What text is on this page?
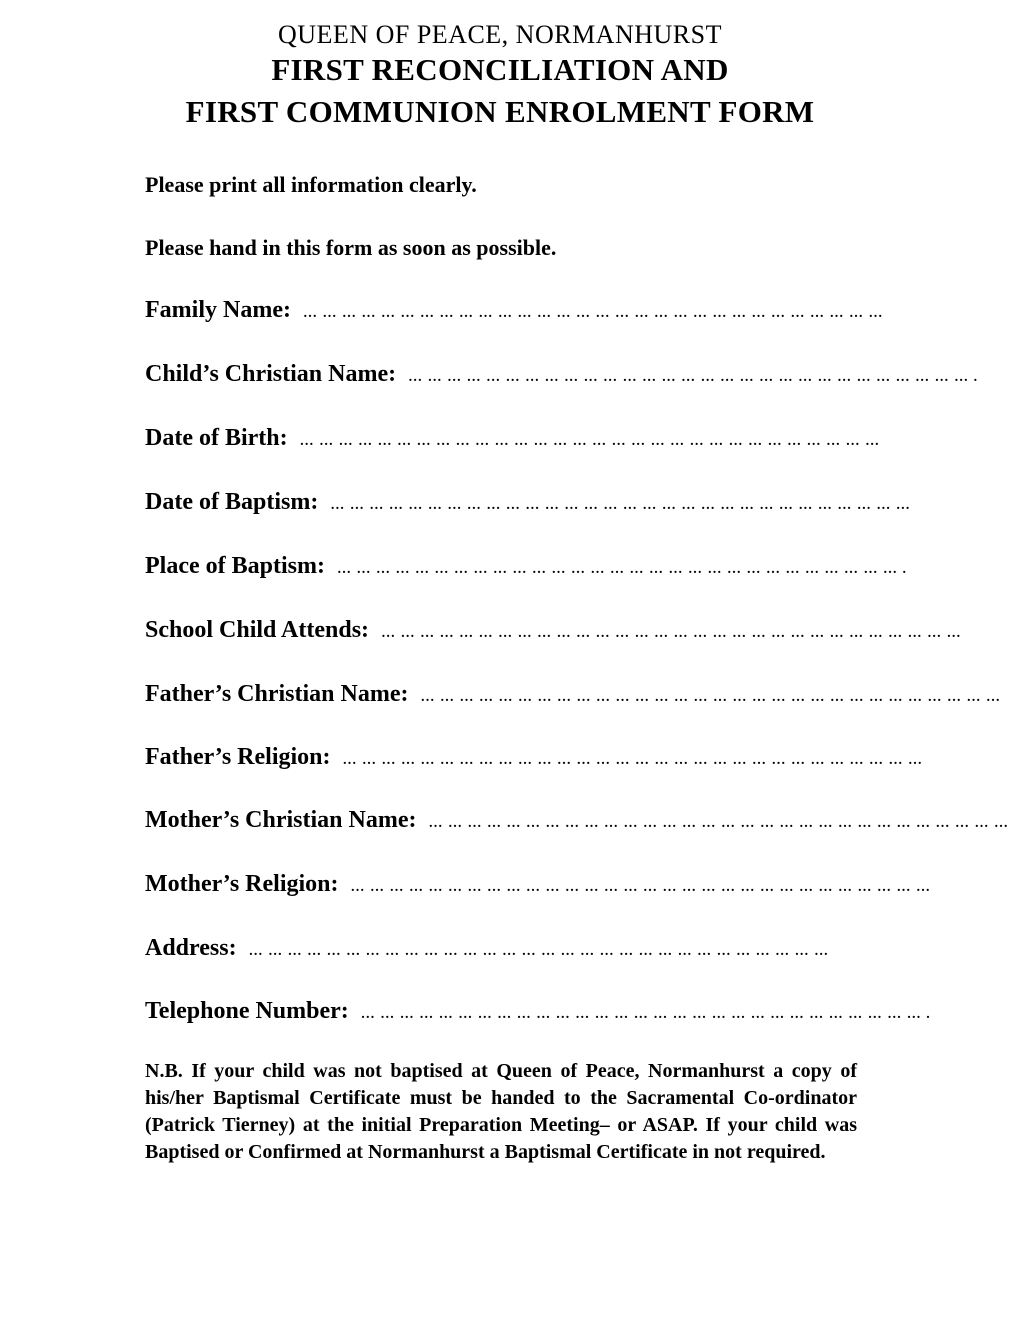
QUEEN OF PEACE, NORMANHURST
FIRST RECONCILIATION AND
FIRST COMMUNION ENROLMENT FORM
Please print all information clearly.
Please hand in this form as soon as possible.
Family Name: … … … … … … … … … … … … … … … … … … … … … … … … … … … … … …
Child’s Christian Name: … … … … … … … … … … … … … … … … … … … … … … … … … … … … … .
Date of Birth: … … … … … … … … … … … … … … … … … … … … … … … … … … … … … …
Date of Baptism: … … … … … … … … … … … … … … … … … … … … … … … … … … … … … …
Place of Baptism: … … … … … … … … … … … … … … … … … … … … … … … … … … … … … .
School Child Attends: … … … … … … … … … … … … … … … … … … … … … … … … … … … … … …
Father’s Christian Name: … … … … … … … … … … … … … … … … … … … … … … … … … … … … … …
Father’s Religion: … … … … … … … … … … … … … … … … … … … … … … … … … … … … … …
Mother’s Christian Name: … … … … … … … … … … … … … … … … … … … … … … … … … … … … … …
Mother’s Religion: … … … … … … … … … … … … … … … … … … … … … … … … … … … … … …
Address: … … … … … … … … … … … … … … … … … … … … … … … … … … … … … …
Telephone Number: … … … … … … … … … … … … … … … … … … … … … … … … … … … … … .
N.B. If your child was not baptised at Queen of Peace, Normanhurst a copy of his/her Baptismal Certificate must be handed to the Sacramental Co-ordinator (Patrick Tierney) at the initial Preparation Meeting– or ASAP. If your child was Baptised or Confirmed at Normanhurst a Baptismal Certificate in not required.
